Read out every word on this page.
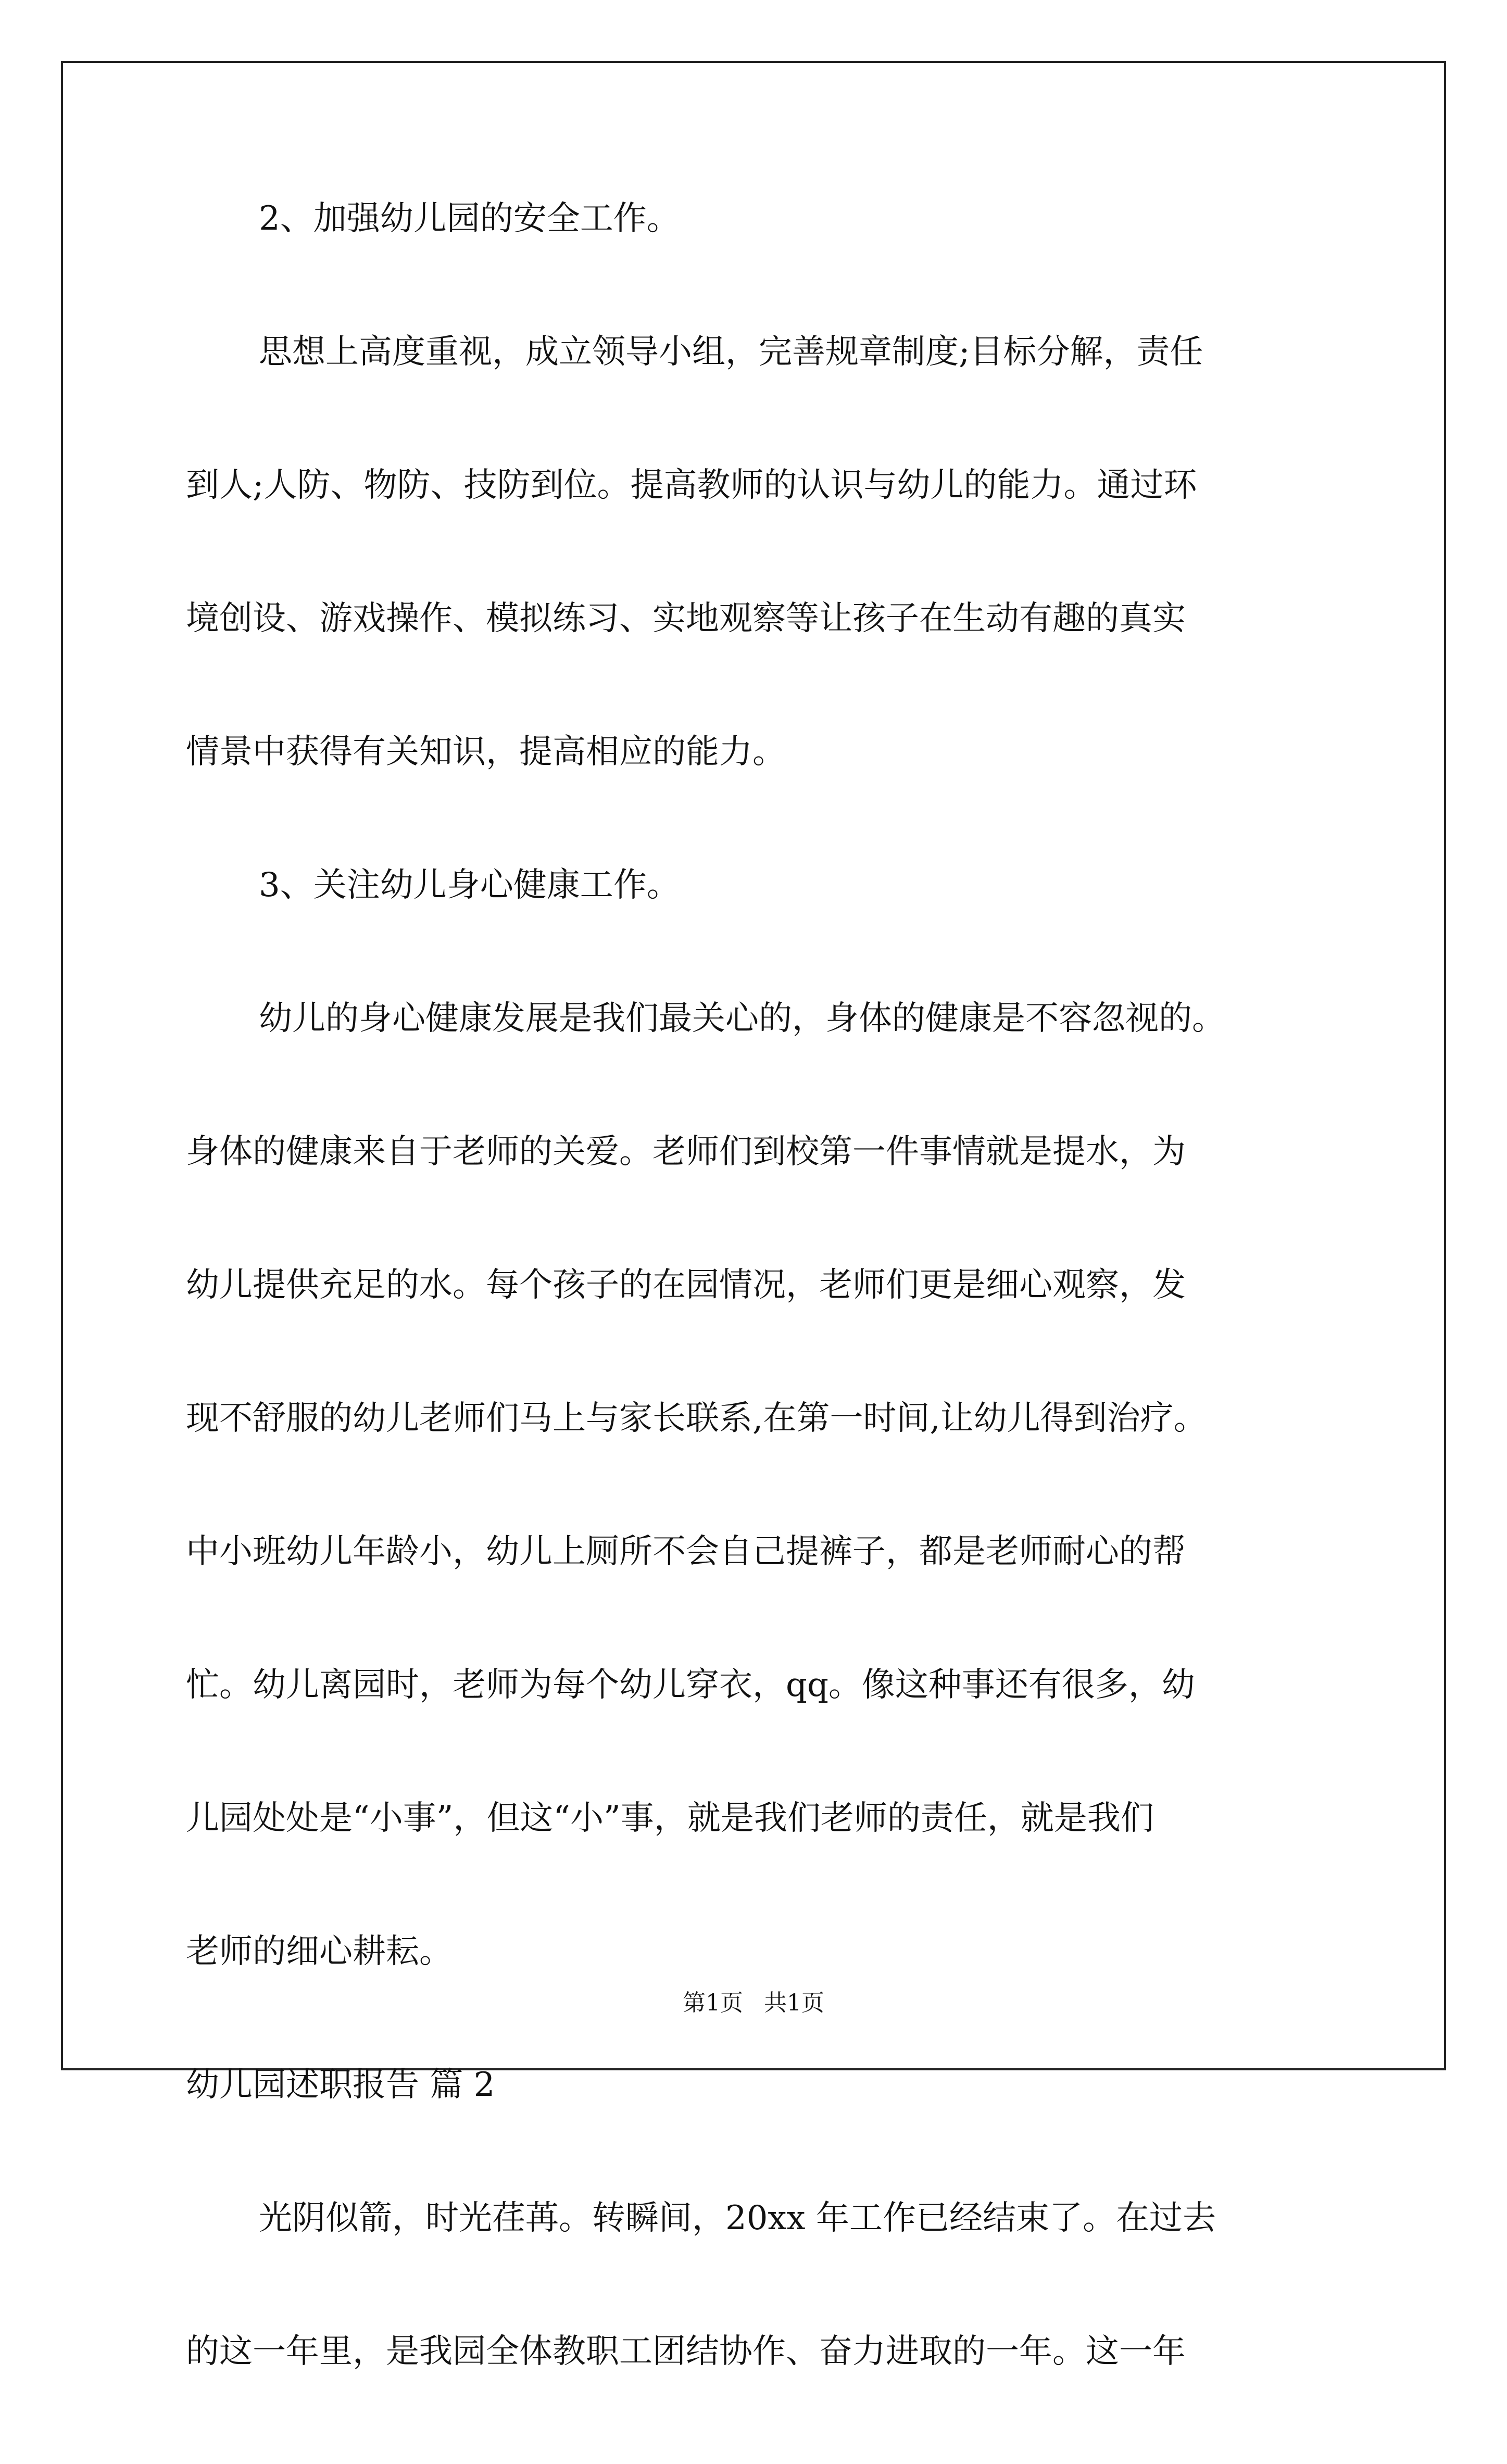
2、加强幼儿园的安全工作。
思想上高度重视，成立领导小组，完善规章制度;目标分解，责任
到人;人防、物防、技防到位。提高教师的认识与幼儿的能力。通过环
境创设、游戏操作、模拟练习、实地观察等让孩子在生动有趣的真实
情景中获得有关知识，提高相应的能力。
3、关注幼儿身心健康工作。
幼儿的身心健康发展是我们最关心的，身体的健康是不容忽视的。
身体的健康来自于老师的关爱。老师们到校第一件事情就是提水，为
幼儿提供充足的水。每个孩子的在园情况，老师们更是细心观察，发
现不舒服的幼儿老师们马上与家长联系,在第一时间,让幼儿得到治疗。
中小班幼儿年龄小，幼儿上厕所不会自己提裤子，都是老师耐心的帮
忙。幼儿离园时，老师为每个幼儿穿衣，qq。像这种事还有很多，幼
儿园处处是“小事”，但这“小”事，就是我们老师的责任，就是我们
老师的细心耕耘。
幼儿园述职报告 篇 2
光阴似箭，时光荏苒。转瞬间，20xx 年工作已经结束了。在过去
的这一年里，是我园全体教职工团结协作、奋力进取的一年。这一年
第1页 共1页
